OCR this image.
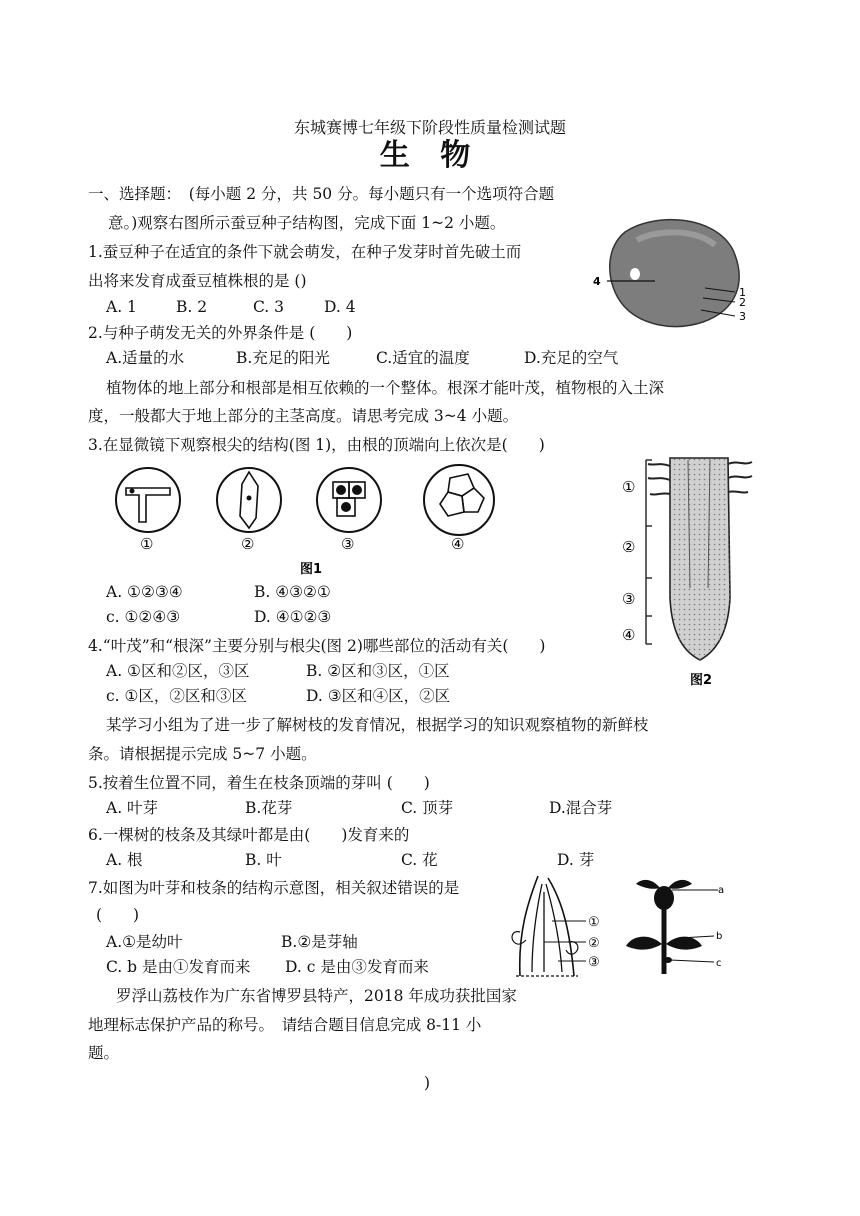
东城赛博七年级下阶段性质量检测试题
生 物
一、选择题：　(每小题 2 分，共 50 分。每小题只有一个选项符合题
意。)观察右图所示蚕豆种子结构图，完成下面 1~2 小题。
1.蚕豆种子在适宜的条件下就会萌发，在种子发芽时首先破土而
出将来发育成蚕豆植株根的是 ()
A. 1	B. 2	C. 3	D. 4
4
1
2
3
2.与种子萌发无关的外界条件是 (　　)
A.适量的水	B.充足的阳光	C.适宜的温度	D.充足的空气
植物体的地上部分和根部是相互依赖的一个整体。根深才能叶茂，植物根的入土深
度，一般都大于地上部分的主茎高度。请思考完成 3~4 小题。
3.在显微镜下观察根尖的结构(图 1)，由根的顶端向上依次是(　　)
①	②	③	④
图1
A. ①②③④	B. ④③②①
c. ①②④③	D. ④①②③
①
②
③
④
图2
4.“叶茂”和“根深”主要分别与根尖(图 2)哪些部位的活动有关(　　)
A. ①区和②区，③区	B. ②区和③区，①区
c. ①区，②区和③区	D. ③区和④区，②区
某学习小组为了进一步了解树枝的发育情况，根据学习的知识观察植物的新鲜枝
条。请根据提示完成 5~7 小题。
5.按着生位置不同，着生在枝条顶端的芽叫 (　　)
A. 叶芽	B.花芽	C. 顶芽	D.混合芽
6.一棵树的枝条及其绿叶都是由(　　)发育来的
A. 根	B. 叶	C. 花	D. 芽
7.如图为叶芽和枝条的结构示意图，相关叙述错误的是
(　　)
A.①是幼叶	B.②是芽轴
C. b 是由①发育而来 D. c 是由③发育而来
①
②
③
a
b
c
罗浮山荔枝作为广东省博罗县特产，2018 年成功获批国家
地理标志保护产品的称号。　请结合题目信息完成 8-11 小
题。
)
